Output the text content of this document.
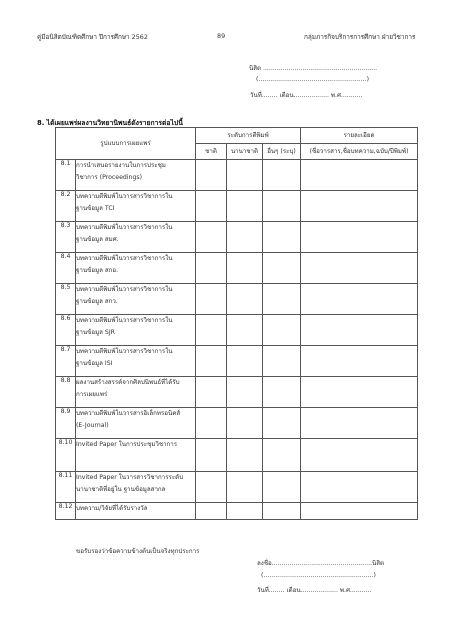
คู่มือนิสิตบัณฑิตศึกษา ปีการศึกษา 2562	89	กลุ่มภารกิจบริการการศึกษา ฝ่ายวิชาการ
นิสิต ..........................................................
(.......................................................)
วันที่........ เดือน.................. พ.ศ...........
8. ได้เผยแพร่ผลงานวิทยานิพนธ์ดังรายการต่อไปนี้
รูปแบบการเผยแพร่		ระดับการตีพิมพ์			รายละเอียด
		ชาติ	นานาชาติ	อื่นๆ (ระบุ)	(ชื่อวารสาร,ชื่อบทความ,ฉบับ/ปีพิมพ์)
8.1	การนำเสนอรายงานในการประชุม
วิชาการ (Proceedings)				

8.2	บทความตีพิมพ์ในวารสารวิชาการใน
ฐานข้อมูล TCI				

8.3	บทความตีพิมพ์ในวารสารวิชาการใน
ฐานข้อมูล สมศ.				

8.4	บทความตีพิมพ์ในวารสารวิชาการใน
ฐานข้อมูล สกอ.				

8.5	บทความตีพิมพ์ในวารสารวิชาการใน
ฐานข้อมูล สกว.				

8.6	บทความตีพิมพ์ในวารสารวิชาการใน
ฐานข้อมูล SJR				

8.7	บทความตีพิมพ์ในวารสารวิชาการใน
ฐานข้อมูล ISI				

8.8	ผลงานสร้างสรรค์จากศิลปนิพนธ์ที่ได้รับ
การเผยแพร่				

8.9	บทความตีพิมพ์ในวารสารอิเล็กทรอนิคส์
(E-Journal)				

8.10	Invited Paper ในการประชุมวิชาการ				

8.11	Invited Paper ในวารสารวิชาการระดับ
นานาชาติที่อยู่ใน ฐานข้อมูลสากล				

8.12	บทความ/วิจัยที่ได้รับรางวัล				

ขอรับรองว่าข้อความข้างต้นเป็นจริงทุกประการ
ลงชื่อ...................................................นิสิต
(........................................................)
วันที่........ เดือน................... พ.ศ...........
